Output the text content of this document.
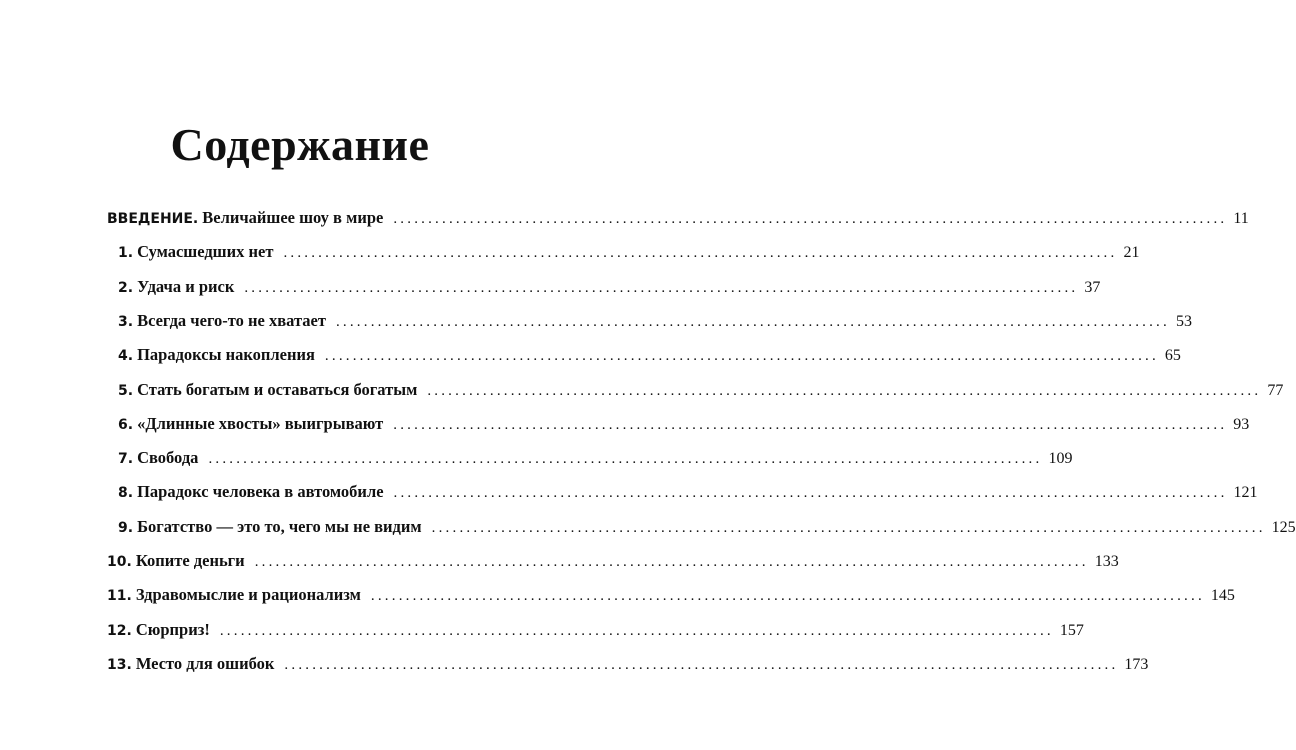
Содержание
ВВЕДЕНИЕ. Величайшее шоу в мире ........................................................................................................................ 11
1. Сумасшедших нет ........................................................................................................................ 21
2. Удача и риск ........................................................................................................................ 37
3. Всегда чего-то не хватает ........................................................................................................................ 53
4. Парадоксы накопления ........................................................................................................................ 65
5. Стать богатым и оставаться богатым ........................................................................................................................ 77
6. «Длинные хвосты» выигрывают ........................................................................................................................ 93
7. Свобода ........................................................................................................................ 109
8. Парадокс человека в автомобиле ........................................................................................................................ 121
9. Богатство — это то, чего мы не видим ........................................................................................................................ 125
10. Копите деньги ........................................................................................................................ 133
11. Здравомыслие и рационализм ........................................................................................................................ 145
12. Сюрприз! ........................................................................................................................ 157
13. Место для ошибок ........................................................................................................................ 173
